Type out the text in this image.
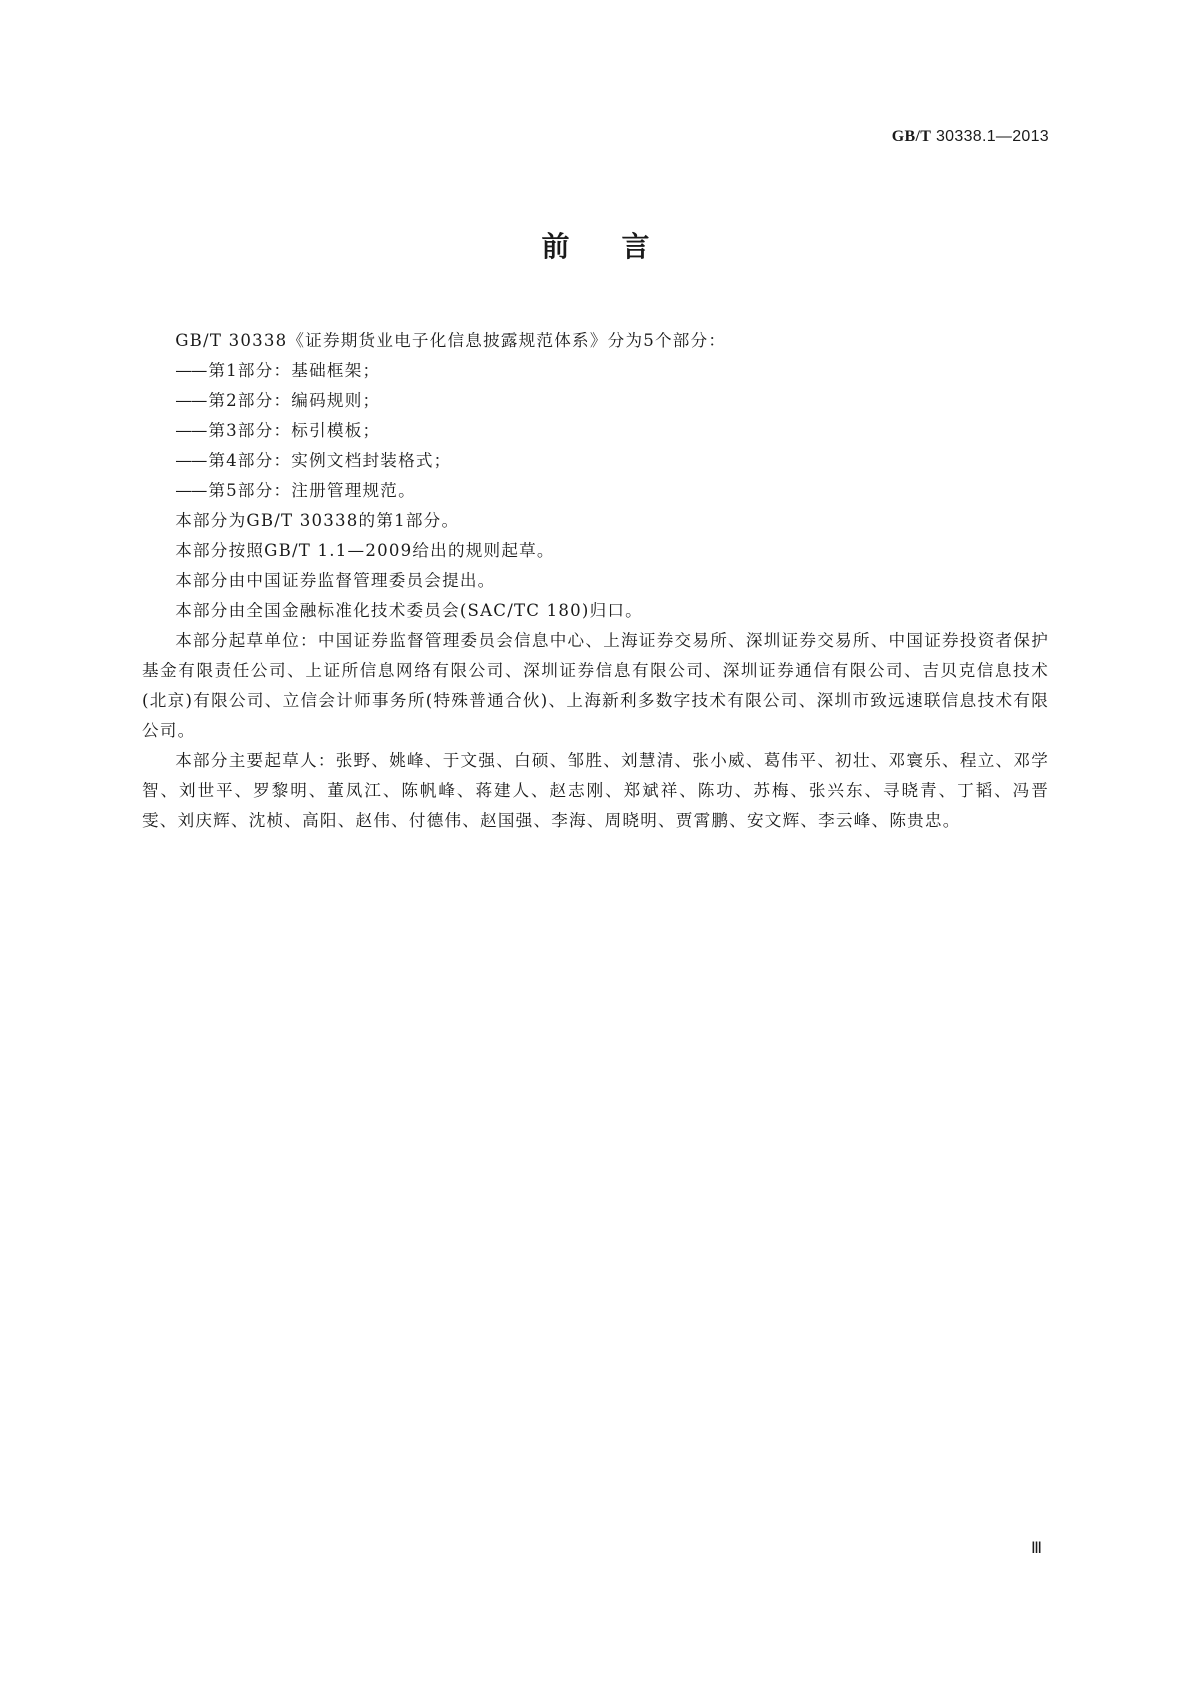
GB/T 30338.1—2013
前言

GB/T 30338《证券期货业电子化信息披露规范体系》分为5个部分：

—— 第1部分：基础框架；

—— 第2部分：编码规则；

—— 第3部分：标引模板；

—— 第4部分：实例文档封装格式；

—— 第5部分：注册管理规范。

本部分为GB/T 30338的第1部分。

本部分按照GB/T 1.1—2009给出的规则起草。

本部分由中国证券监督管理委员会提出。

本部分由全国金融标准化技术委员会(SAC/TC 180)归口。

本部分起草单位：中国证券监督管理委员会信息中心、上海证券交易所、深圳证券交易所、中国证券投资者保护基金有限责任公司、上证所信息网络有限公司、深圳证券信息有限公司、深圳证券通信有限公司、吉贝克信息技术(北京)有限公司、立信会计师事务所(特殊普通合伙)、上海新利多数字技术有限公司、深圳市致远速联信息技术有限公司。

本部分主要起草人：张野、姚峰、于文强、白硕、邹胜、刘慧清、张小威、葛伟平、初壮、邓寰乐、程立、邓学智、刘世平、罗黎明、董凤江、陈帆峰、蒋建人、赵志刚、郑斌祥、陈功、苏梅、张兴东、寻晓青、丁韬、冯晋雯、刘庆辉、沈桢、高阳、赵伟、付德伟、赵国强、李海、周晓明、贾霄鹏、安文辉、李云峰、陈贵忠。

Ⅲ
